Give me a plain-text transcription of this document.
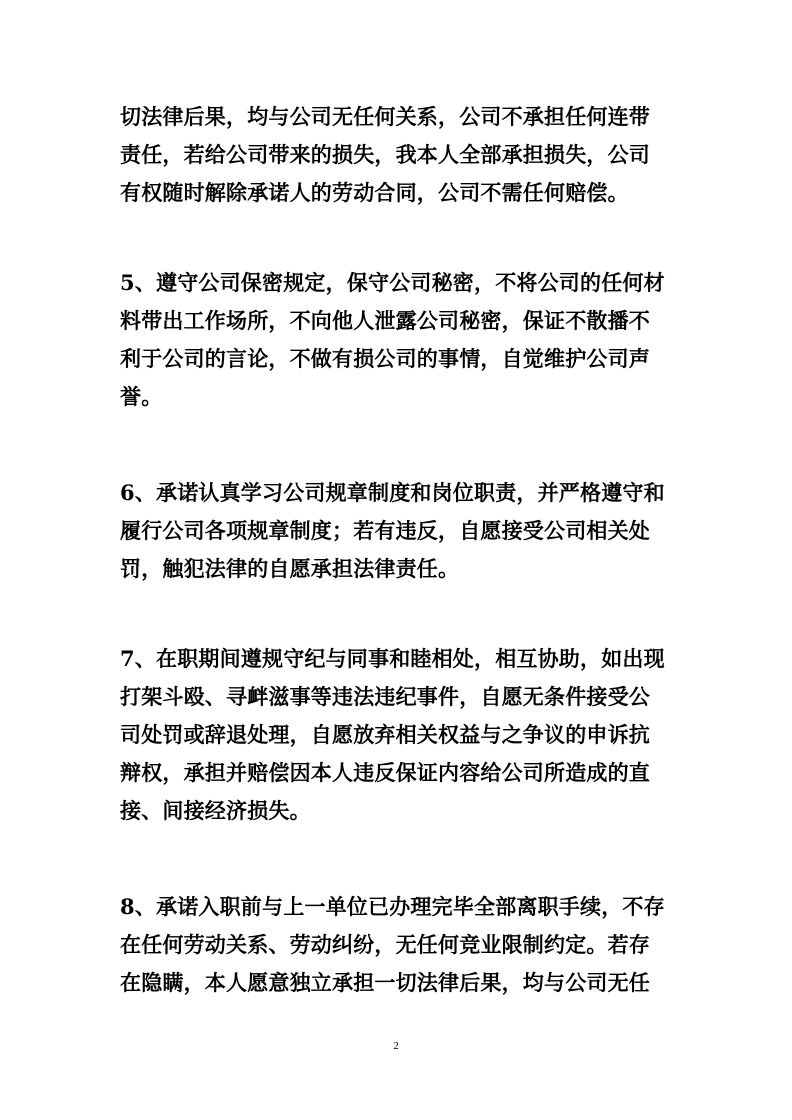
切法律后果，均与公司无任何关系，公司不承担任何连带
责任，若给公司带来的损失，我本人全部承担损失，公司
有权随时解除承诺人的劳动合同，公司不需任何赔偿。
5、遵守公司保密规定，保守公司秘密，不将公司的任何材
料带出工作场所，不向他人泄露公司秘密，保证不散播不
利于公司的言论，不做有损公司的事情，自觉维护公司声
誉。
6、承诺认真学习公司规章制度和岗位职责，并严格遵守和
履行公司各项规章制度；若有违反，自愿接受公司相关处
罚，触犯法律的自愿承担法律责任。
7、在职期间遵规守纪与同事和睦相处，相互协助，如出现
打架斗殴、寻衅滋事等违法违纪事件，自愿无条件接受公
司处罚或辞退处理，自愿放弃相关权益与之争议的申诉抗
辩权，承担并赔偿因本人违反保证内容给公司所造成的直
接、间接经济损失。
8、承诺入职前与上一单位已办理完毕全部离职手续，不存
在任何劳动关系、劳动纠纷，无任何竞业限制约定。若存
在隐瞒，本人愿意独立承担一切法律后果，均与公司无任
2
